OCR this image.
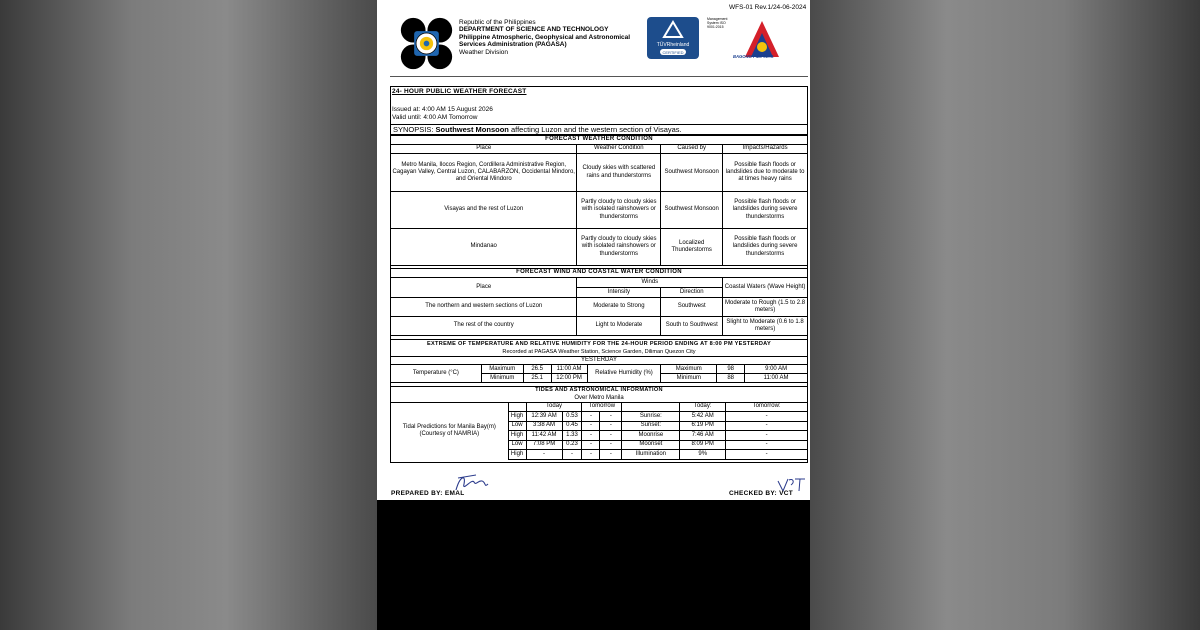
WFS-01 Rev.1/24-06-2024
Republic of the Philippines
DEPARTMENT OF SCIENCE AND TECHNOLOGY
Philippine Atmospheric, Geophysical and Astronomical
Services Administration (PAGASA)
Weather Division
TÜVRheinland
CERTIFIED
Management System ISO 9001:2015
BAGONG PILIPINAS
24- HOUR PUBLIC WEATHER FORECAST
Issued at: 4:00 AM 15 August 2026
Valid until: 4:00 AM Tomorrow
SYNOPSIS: Southwest Monsoon affecting Luzon and the western section of Visayas.
FORECAST WEATHER CONDITION			
Place	Weather Condition	Caused by	Impacts/Hazards
Metro Manila, Ilocos Region, Cordillera Administrative Region, Cagayan Valley, Central Luzon, CALABARZON, Occidental Mindoro, and Oriental Mindoro	Cloudy skies with scattered rains and thunderstorms	Southwest Monsoon	Possible flash floods or landslides due to moderate to at times heavy rains
Visayas and the rest of Luzon	Partly cloudy to cloudy skies with isolated rainshowers or thunderstorms	Southwest Monsoon	Possible flash floods or landslides during severe thunderstorms
Mindanao	Partly cloudy to cloudy skies with isolated rainshowers or thunderstorms	Localized Thunderstorms	Possible flash floods or landslides during severe thunderstorms
FORECAST WIND AND COASTAL WATER CONDITION			
Place	Winds		Coastal Waters (Wave Height)
	Intensity	Direction	
The northern and western sections of Luzon	Moderate to Strong	Southwest	Moderate to Rough (1.5 to 2.8 meters)
The rest of the country	Light to Moderate	South to Southwest	Slight to Moderate (0.6 to 1.8 meters)
EXTREME OF TEMPERATURE AND RELATIVE HUMIDITY FOR THE 24-HOUR PERIOD ENDING AT 8:00 PM YESTERDAY							
Recorded at PAGASA Weather Station, Science Garden, Diliman Quezon City							
YESTERDAY							
Temperature (°C)	Maximum	26.5	11:00 AM	Relative Humidity (%)	Maximum	98	9:00 AM
	Minimum	25.1	12:00 PM		Minimum	88	11:00 AM
TIDES AND ASTRONOMICAL INFORMATION								
Over Metro Manila								
Tidal Predictions for Manila Bay(m) (Courtesy of NAMRIA)		Today		Tomorrow			Today:	Tomorrow:
	High	12:39 AM	0.53	-	-	Sunrise:	5:42 AM	-
	Low	3:38 AM	0.45	-	-	Sunset:	6:19 PM	-
	High	11:42 AM	1.33	-	-	Moonrise	7:46 AM	-
	Low	7:08 PM	0.23	-	-	Moonset	8:09 PM	-
	High	-	-	-	-	Illumination	9%	-
PREPARED BY: EMAL	CHECKED BY: VCT
